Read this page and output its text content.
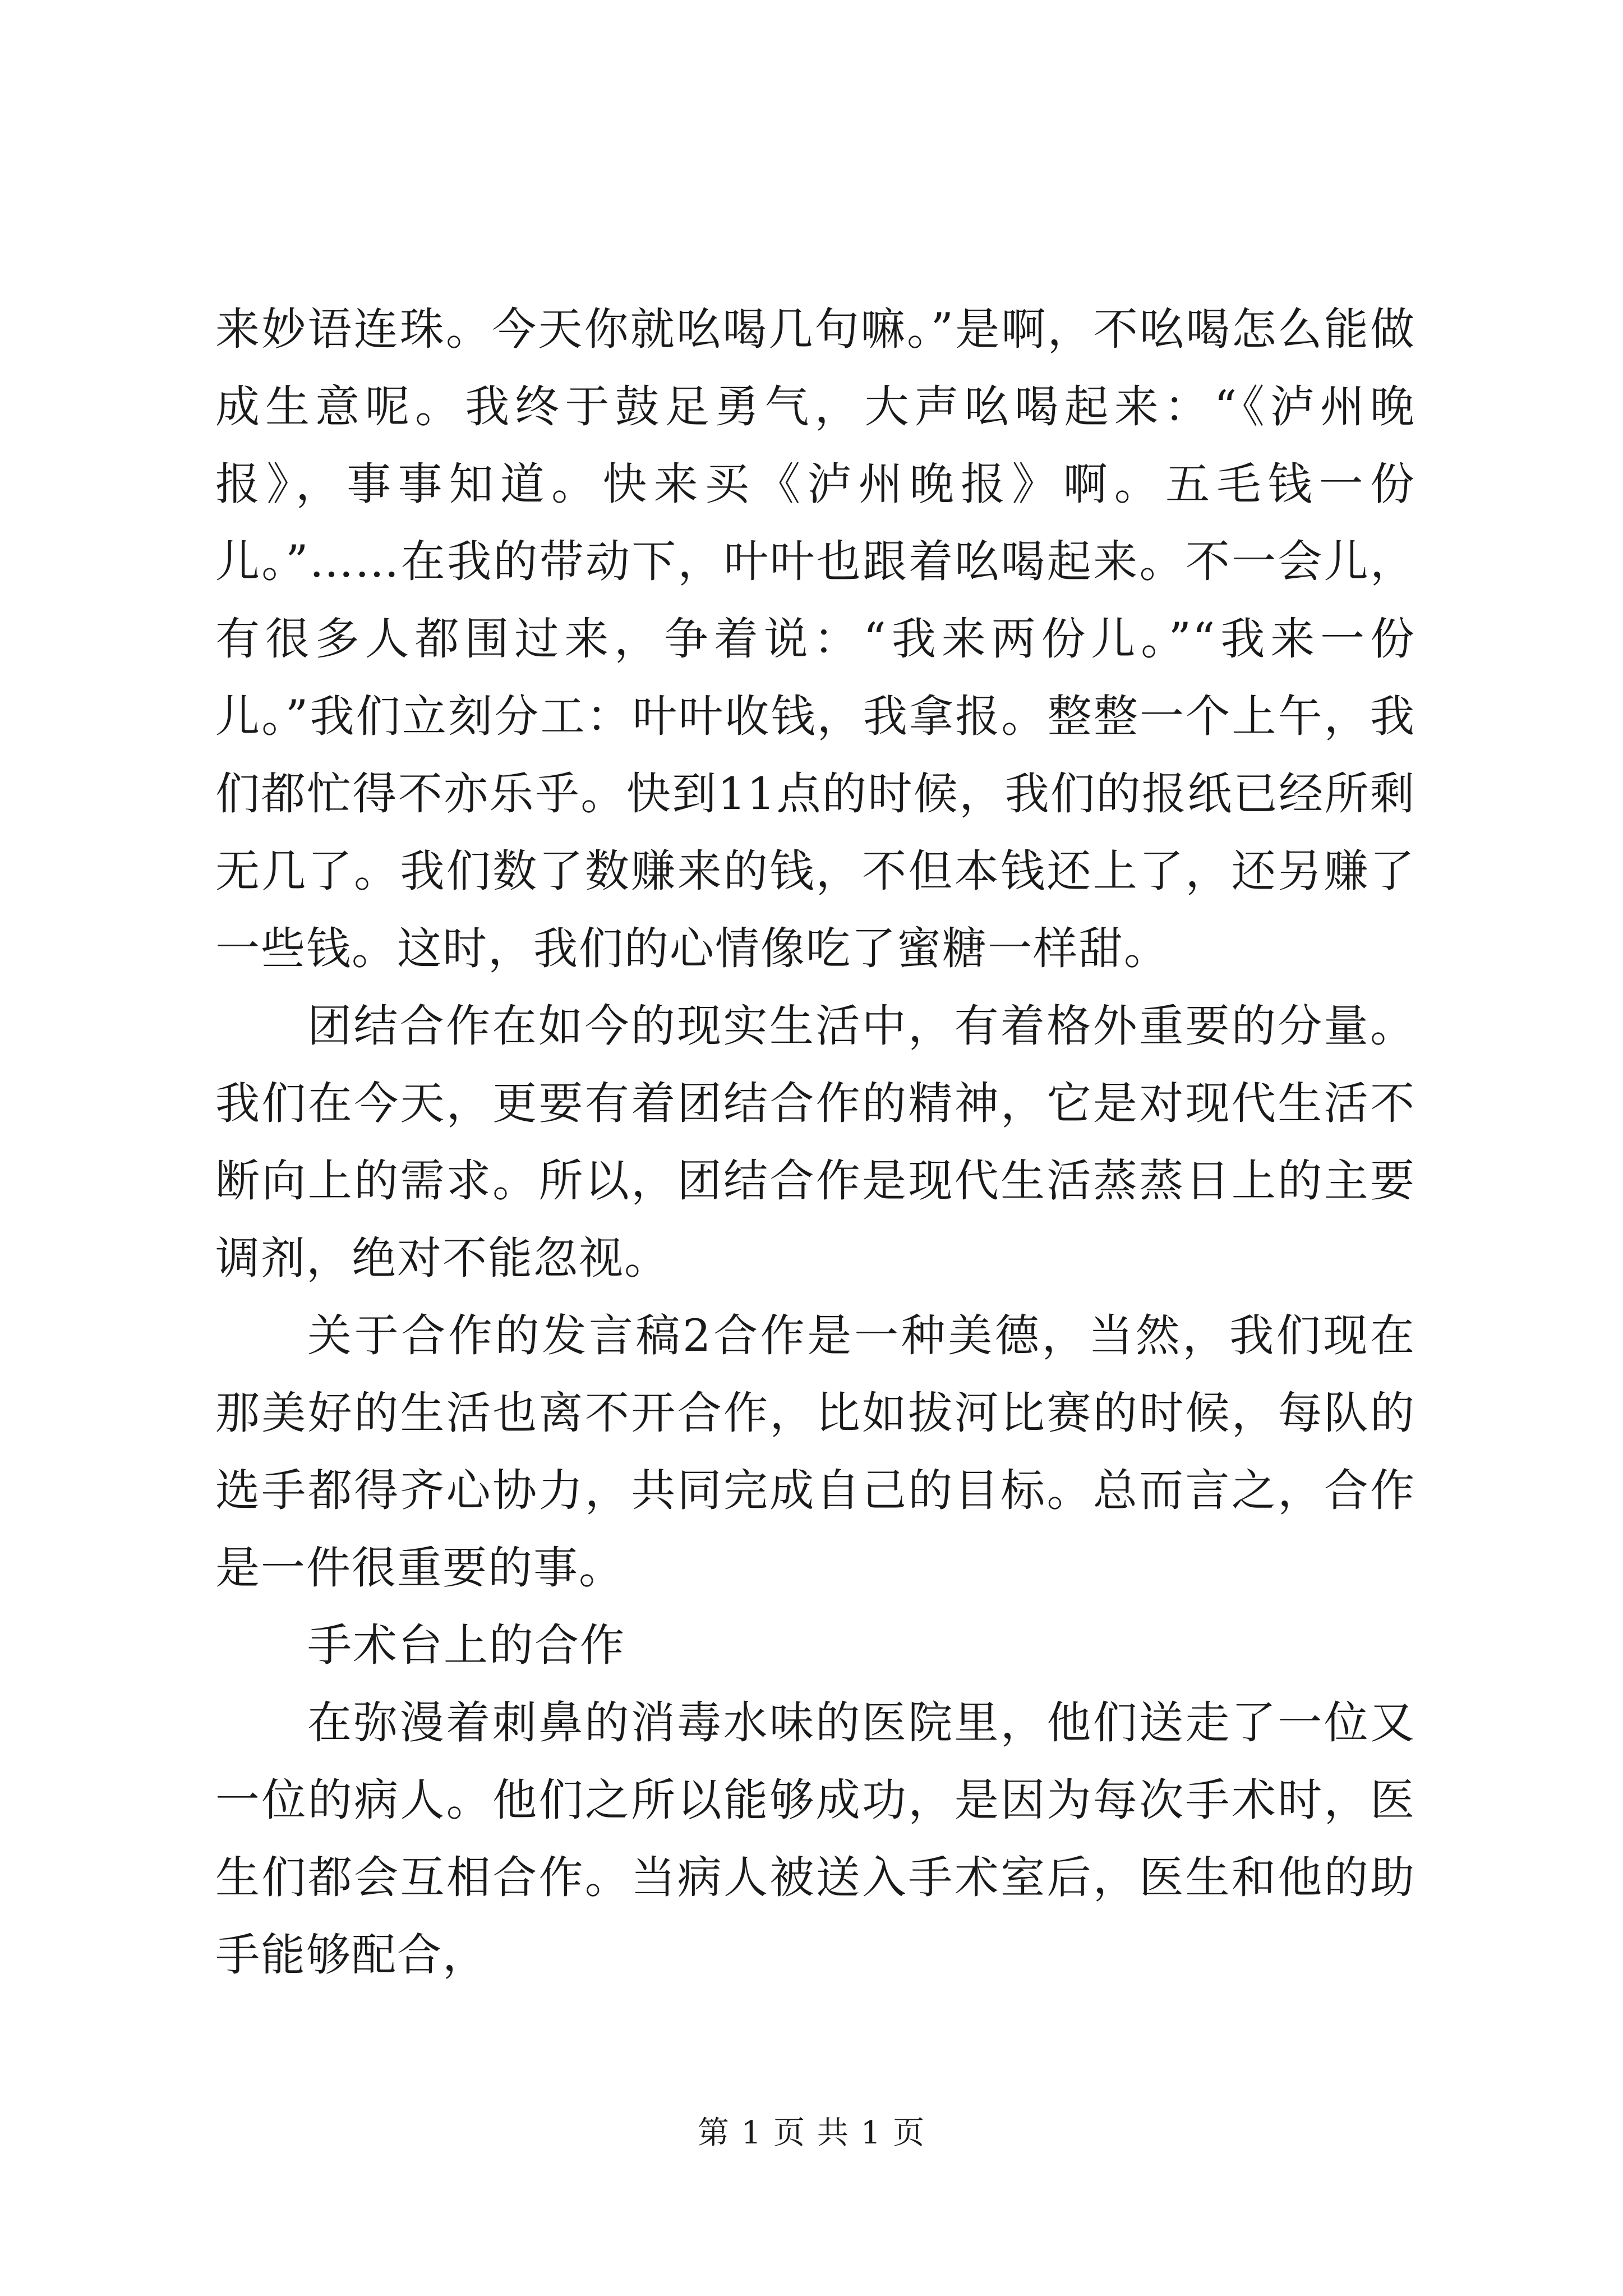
来妙语连珠。今天你就吆喝几句嘛。”是啊，不吆喝怎么能做成生意呢。我终于鼓足勇气，大声吆喝起来：“《泸州晚报》，事事知道。快来买《泸州晚报》啊。五毛钱一份儿。”……在我的带动下，叶叶也跟着吆喝起来。不一会儿，有很多人都围过来，争着说：“我来两份儿。”“我来一份儿。”我们立刻分工：叶叶收钱，我拿报。整整一个上午，我们都忙得不亦乐乎。快到11点的时候，我们的报纸已经所剩无几了。我们数了数赚来的钱，不但本钱还上了，还另赚了一些钱。这时，我们的心情像吃了蜜糖一样甜。

团结合作在如今的现实生活中，有着格外重要的分量。我们在今天，更要有着团结合作的精神，它是对现代生活不断向上的需求。所以，团结合作是现代生活蒸蒸日上的主要调剂，绝对不能忽视。

关于合作的发言稿2合作是一种美德，当然，我们现在那美好的生活也离不开合作，比如拔河比赛的时候，每队的选手都得齐心协力，共同完成自己的目标。总而言之，合作是一件很重要的事。

手术台上的合作

在弥漫着刺鼻的消毒水味的医院里，他们送走了一位又一位的病人。他们之所以能够成功，是因为每次手术时，医生们都会互相合作。当病人被送入手术室后，医生和他的助手能够配合，

第 1 页 共 1 页
